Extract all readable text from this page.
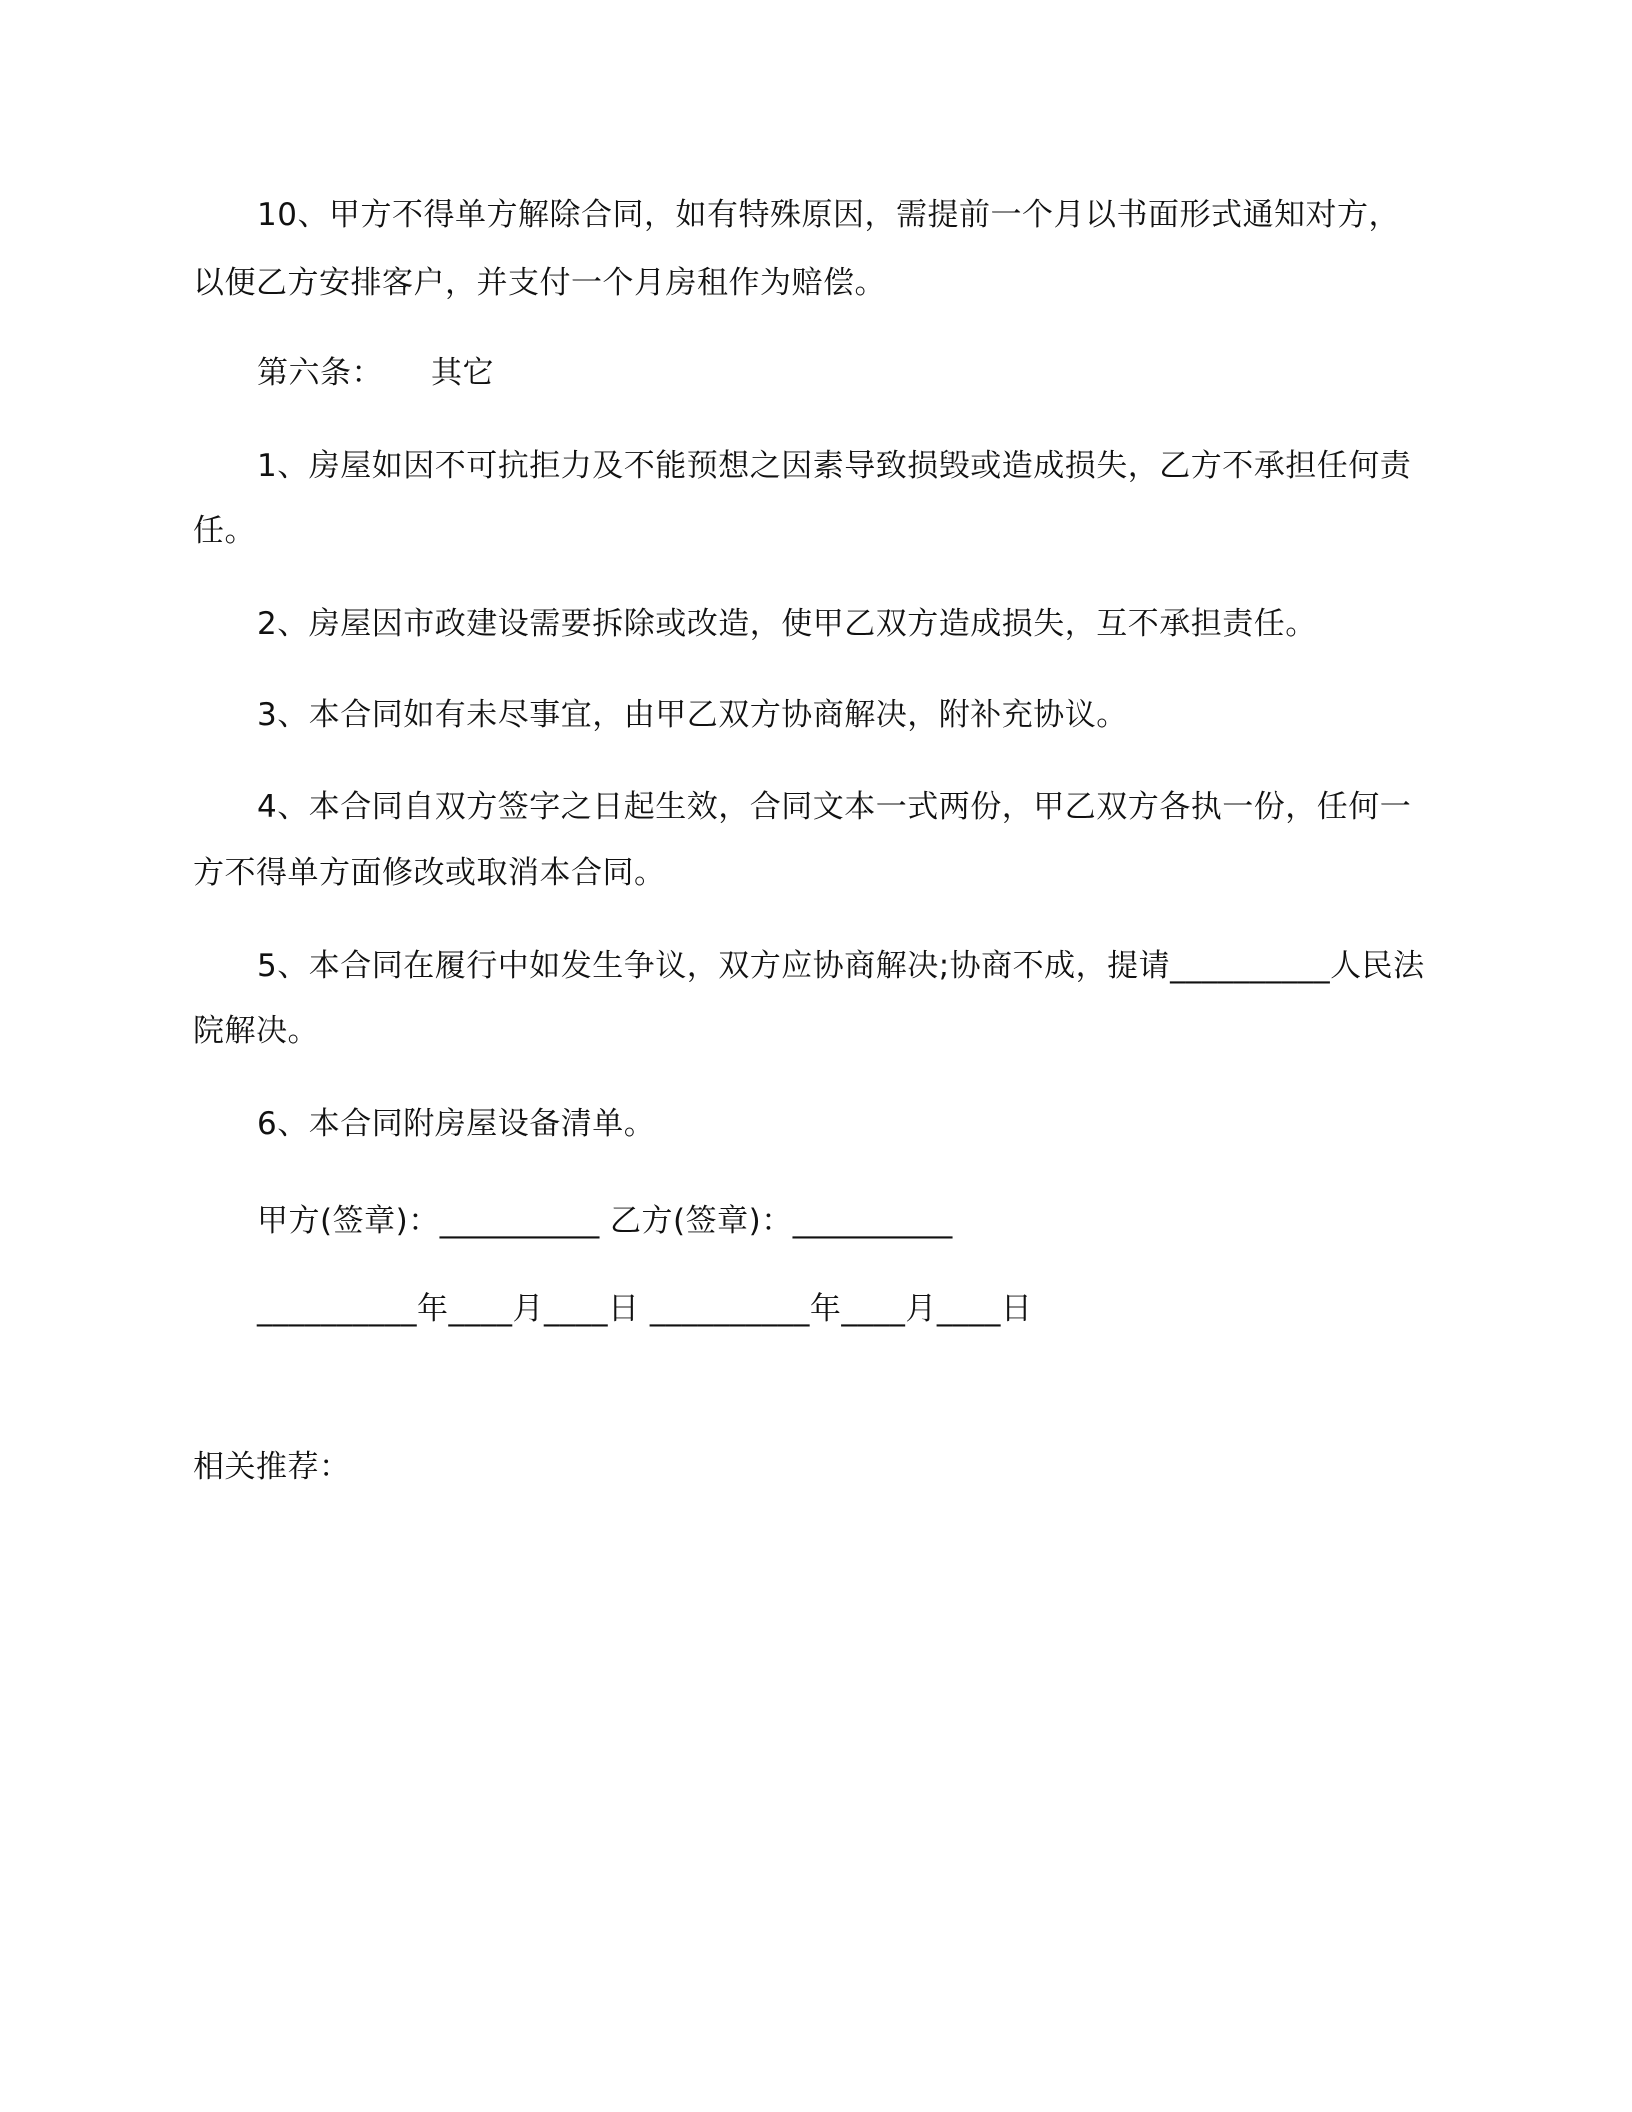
10、甲方不得单方解除合同，如有特殊原因，需提前一个月以书面形式通知对方，
以便乙方安排客户，并支付一个月房租作为赔偿。
第六条： 其它
1、房屋如因不可抗拒力及不能预想之因素导致损毁或造成损失，乙方不承担任何责
任。
2、房屋因市政建设需要拆除或改造，使甲乙双方造成损失，互不承担责任。
3、本合同如有未尽事宜，由甲乙双方协商解决，附补充协议。
4、本合同自双方签字之日起生效，合同文本一式两份，甲乙双方各执一份，任何一
方不得单方面修改或取消本合同。
5、本合同在履行中如发生争议，双方应协商解决;协商不成，提请__________人民法
院解决。
6、本合同附房屋设备清单。
甲方(签章)：__________ 乙方(签章)：__________
__________年____月____日 __________年____月____日
相关推荐：
